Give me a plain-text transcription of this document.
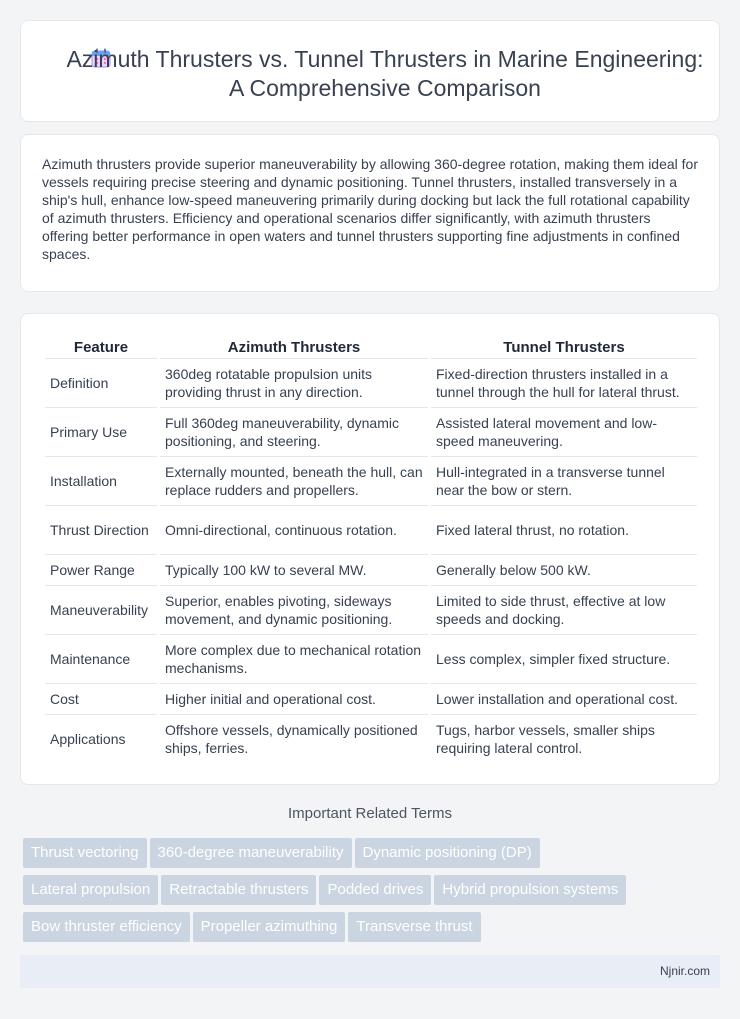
Azimuth Thrusters vs. Tunnel Thrusters in Marine Engineering: A Comprehensive Comparison

Azimuth thrusters provide superior maneuverability by allowing 360-degree rotation, making them ideal for vessels requiring precise steering and dynamic positioning. Tunnel thrusters, installed transversely in a ship's hull, enhance low-speed maneuvering primarily during docking but lack the full rotational capability of azimuth thrusters. Efficiency and operational scenarios differ significantly, with azimuth thrusters offering better performance in open waters and tunnel thrusters supporting fine adjustments in confined spaces.

Feature	Azimuth Thrusters	Tunnel Thrusters
Definition	360deg rotatable propulsion units providing thrust in any direction.	Fixed-direction thrusters installed in a tunnel through the hull for lateral thrust.
Primary Use	Full 360deg maneuverability, dynamic positioning, and steering.	Assisted lateral movement and low-speed maneuvering.
Installation	Externally mounted, beneath the hull, can replace rudders and propellers.	Hull-integrated in a transverse tunnel near the bow or stern.
Thrust Direction	Omni-directional, continuous rotation.	Fixed lateral thrust, no rotation.
Power Range	Typically 100 kW to several MW.	Generally below 500 kW.
Maneuverability	Superior, enables pivoting, sideways movement, and dynamic positioning.	Limited to side thrust, effective at low speeds and docking.
Maintenance	More complex due to mechanical rotation mechanisms.	Less complex, simpler fixed structure.
Cost	Higher initial and operational cost.	Lower installation and operational cost.
Applications	Offshore vessels, dynamically positioned ships, ferries.	Tugs, harbor vessels, smaller ships requiring lateral control.
Important Related Terms
Thrust vectoring 360-degree maneuverability Dynamic positioning (DP)
Lateral propulsion Retractable thrusters Podded drives Hybrid propulsion systems
Bow thruster efficiency Propeller azimuthing Transverse thrust
Njnir.com
